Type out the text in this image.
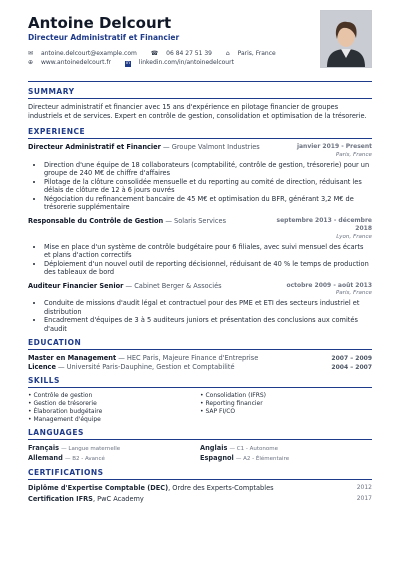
Antoine Delcourt
Directeur Administratif et Financier
✉ antoine.delcourt@example.com ☎ 06 84 27 51 39 ⌂ Paris, France
⊕ www.antoinedelcourt.fr	in linkedin.com/in/antoinedelcourt
SUMMARY
Directeur administratif et financier avec 15 ans d'expérience en pilotage financier de groupes industriels et de services. Expert en contrôle de gestion, consolidation et optimisation de la trésorerie.
EXPERIENCE
Directeur Administratif et Financier — Groupe Valmont Industries	janvier 2019 - Present
Paris, France
• Direction d'une équipe de 18 collaborateurs (comptabilité, contrôle de gestion, trésorerie) pour un groupe de 240 M€ de chiffre d'affaires
• Pilotage de la clôture consolidée mensuelle et du reporting au comité de direction, réduisant les délais de clôture de 12 à 6 jours ouvrés
• Négociation du refinancement bancaire de 45 M€ et optimisation du BFR, générant 3,2 M€ de trésorerie supplémentaire
Responsable du Contrôle de Gestion — Solaris Services	septembre 2013 - décembre 2018
Lyon, France
• Mise en place d'un système de contrôle budgétaire pour 6 filiales, avec suivi mensuel des écarts et plans d'action correctifs
• Déploiement d'un nouvel outil de reporting décisionnel, réduisant de 40 % le temps de production des tableaux de bord
Auditeur Financier Senior — Cabinet Berger & Associés	octobre 2009 - août 2013
Paris, France
• Conduite de missions d'audit légal et contractuel pour des PME et ETI des secteurs industriel et distribution
• Encadrement d'équipes de 3 à 5 auditeurs juniors et présentation des conclusions aux comités d'audit
EDUCATION
Master en Management — HEC Paris, Majeure Finance d'Entreprise	2007 – 2009
Licence — Université Paris-Dauphine, Gestion et Comptabilité	2004 – 2007
SKILLS
• Contrôle de gestion	• Consolidation (IFRS)
• Gestion de trésorerie	• Reporting financier
• Élaboration budgétaire	• SAP FI/CO
• Management d'équipe
LANGUAGES
Français — Langue maternelle	Anglais — C1 - Autonome
Allemand — B2 - Avancé	Espagnol — A2 - Élémentaire
CERTIFICATIONS
Diplôme d'Expertise Comptable (DEC), Ordre des Experts-Comptables	2012
Certification IFRS, PwC Academy	2017
